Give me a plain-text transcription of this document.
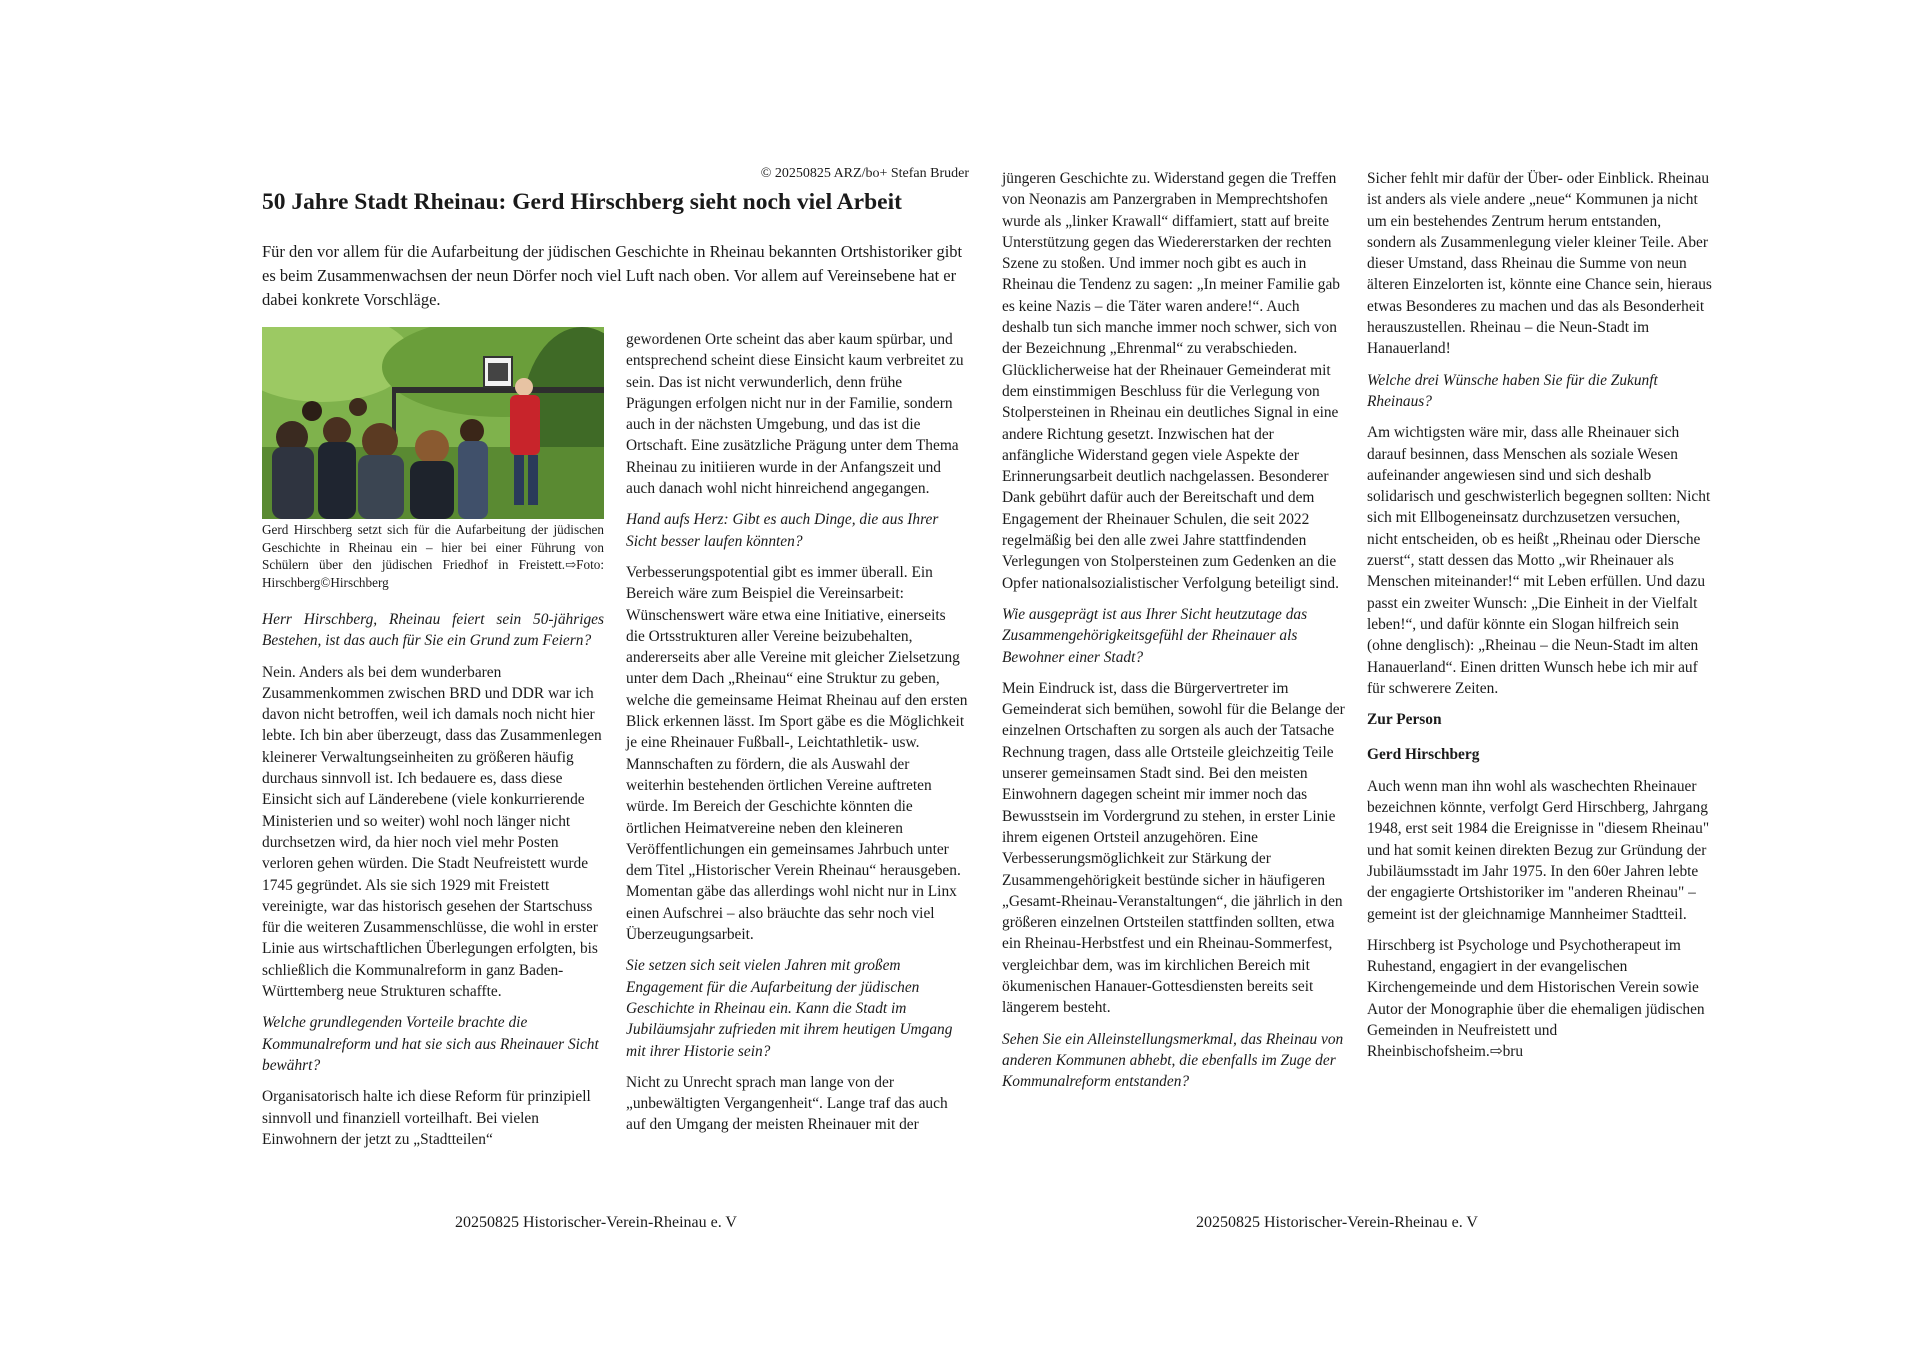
© 20250825 ARZ/bo+ Stefan Bruder
50 Jahre Stadt Rheinau: Gerd Hirschberg sieht noch viel Arbeit

Für den vor allem für die Aufarbeitung der jüdischen Geschichte in Rheinau bekannten Ortshistoriker gibt es beim Zusammenwachsen der neun Dörfer noch viel Luft nach oben. Vor allem auf Vereinsebene hat er dabei konkrete Vorschläge.

Gerd Hirschberg setzt sich für die Aufarbeitung der jüdischen Geschichte in Rheinau ein – hier bei einer Führung von Schülern über den jüdischen Friedhof in Freistett.⇨Foto: Hirschberg©Hirschberg

Herr Hirschberg, Rheinau feiert sein 50-jähriges Bestehen, ist das auch für Sie ein Grund zum Feiern?

Nein. Anders als bei dem wunderbaren Zusammenkommen zwischen BRD und DDR war ich davon nicht betroffen, weil ich damals noch nicht hier lebte. Ich bin aber überzeugt, dass das Zusammenlegen kleinerer Verwaltungseinheiten zu größeren häufig durchaus sinnvoll ist. Ich bedauere es, dass diese Einsicht sich auf Länderebene (viele konkurrierende Ministerien und so weiter) wohl noch länger nicht durchsetzen wird, da hier noch viel mehr Posten verloren gehen würden. Die Stadt Neufreistett wurde 1745 gegründet. Als sie sich 1929 mit Freistett vereinigte, war das historisch gesehen der Startschuss für die weiteren Zusammenschlüsse, die wohl in erster Linie aus wirtschaftlichen Überlegungen erfolgten, bis schließlich die Kommunalreform in ganz Baden-Württemberg neue Strukturen schaffte.

Welche grundlegenden Vorteile brachte die Kommunalreform und hat sie sich aus Rheinauer Sicht bewährt?

Organisatorisch halte ich diese Reform für prinzipiell sinnvoll und finanziell vorteilhaft. Bei vielen Einwohnern der jetzt zu „Stadtteilen“

gewordenen Orte scheint das aber kaum spürbar, und entsprechend scheint diese Einsicht kaum verbreitet zu sein. Das ist nicht verwunderlich, denn frühe Prägungen erfolgen nicht nur in der Familie, sondern auch in der nächsten Umgebung, und das ist die Ortschaft. Eine zusätzliche Prägung unter dem Thema Rheinau zu initiieren wurde in der Anfangszeit und auch danach wohl nicht hinreichend angegangen.

Hand aufs Herz: Gibt es auch Dinge, die aus Ihrer Sicht besser laufen könnten?

Verbesserungspotential gibt es immer überall. Ein Bereich wäre zum Beispiel die Vereinsarbeit: Wünschenswert wäre etwa eine Initiative, einerseits die Ortsstrukturen aller Vereine beizubehalten, andererseits aber alle Vereine mit gleicher Zielsetzung unter dem Dach „Rheinau“ eine Struktur zu geben, welche die gemeinsame Heimat Rheinau auf den ersten Blick erkennen lässt. Im Sport gäbe es die Möglichkeit je eine Rheinauer Fußball-, Leichtathletik- usw. Mannschaften zu fördern, die als Auswahl der weiterhin bestehenden örtlichen Vereine auftreten würde. Im Bereich der Geschichte könnten die örtlichen Heimatvereine neben den kleineren Veröffentlichungen ein gemeinsames Jahrbuch unter dem Titel „Historischer Verein Rheinau“ herausgeben. Momentan gäbe das allerdings wohl nicht nur in Linx einen Aufschrei – also bräuchte das sehr noch viel Überzeugungsarbeit.

Sie setzen sich seit vielen Jahren mit großem Engagement für die Aufarbeitung der jüdischen Geschichte in Rheinau ein. Kann die Stadt im Jubiläumsjahr zufrieden mit ihrem heutigen Umgang mit ihrer Historie sein?

Nicht zu Unrecht sprach man lange von der „unbewältigten Vergangenheit“. Lange traf das auch auf den Umgang der meisten Rheinauer mit der

20250825 Historischer-Verein-Rheinau e. V

jüngeren Geschichte zu. Widerstand gegen die Treffen von Neonazis am Panzergraben in Memprechtshofen wurde als „linker Krawall“ diffamiert, statt auf breite Unterstützung gegen das Wiedererstarken der rechten Szene zu stoßen. Und immer noch gibt es auch in Rheinau die Tendenz zu sagen: „In meiner Familie gab es keine Nazis – die Täter waren andere!“. Auch deshalb tun sich manche immer noch schwer, sich von der Bezeichnung „Ehrenmal“ zu verabschieden. Glücklicherweise hat der Rheinauer Gemeinderat mit dem einstimmigen Beschluss für die Verlegung von Stolpersteinen in Rheinau ein deutliches Signal in eine andere Richtung gesetzt. Inzwischen hat der anfängliche Widerstand gegen viele Aspekte der Erinnerungsarbeit deutlich nachgelassen. Besonderer Dank gebührt dafür auch der Bereitschaft und dem Engagement der Rheinauer Schulen, die seit 2022 regelmäßig bei den alle zwei Jahre stattfindenden Verlegungen von Stolpersteinen zum Gedenken an die Opfer nationalsozialistischer Verfolgung beteiligt sind.

Wie ausgeprägt ist aus Ihrer Sicht heutzutage das Zusammengehörigkeitsgefühl der Rheinauer als Bewohner einer Stadt?

Mein Eindruck ist, dass die Bürgervertreter im Gemeinderat sich bemühen, sowohl für die Belange der einzelnen Ortschaften zu sorgen als auch der Tatsache Rechnung tragen, dass alle Ortsteile gleichzeitig Teile unserer gemeinsamen Stadt sind. Bei den meisten Einwohnern dagegen scheint mir immer noch das Bewusstsein im Vordergrund zu stehen, in erster Linie ihrem eigenen Ortsteil anzugehören. Eine Verbesserungsmöglichkeit zur Stärkung der Zusammengehörigkeit bestünde sicher in häufigeren „Gesamt-Rheinau-Veranstaltungen“, die jährlich in den größeren einzelnen Ortsteilen stattfinden sollten, etwa ein Rheinau-Herbstfest und ein Rheinau-Sommerfest, vergleichbar dem, was im kirchlichen Bereich mit ökumenischen Hanauer-Gottesdiensten bereits seit längerem besteht.

Sehen Sie ein Alleinstellungsmerkmal, das Rheinau von anderen Kommunen abhebt, die ebenfalls im Zuge der Kommunalreform entstanden?

Sicher fehlt mir dafür der Über- oder Einblick. Rheinau ist anders als viele andere „neue“ Kommunen ja nicht um ein bestehendes Zentrum herum entstanden, sondern als Zusammenlegung vieler kleiner Teile. Aber dieser Umstand, dass Rheinau die Summe von neun älteren Einzelorten ist, könnte eine Chance sein, hieraus etwas Besonderes zu machen und das als Besonderheit herauszustellen. Rheinau – die Neun-Stadt im Hanauerland!

Welche drei Wünsche haben Sie für die Zukunft Rheinaus?

Am wichtigsten wäre mir, dass alle Rheinauer sich darauf besinnen, dass Menschen als soziale Wesen aufeinander angewiesen sind und sich deshalb solidarisch und geschwisterlich begegnen sollten: Nicht sich mit Ellbogeneinsatz durchzusetzen versuchen, nicht entscheiden, ob es heißt „Rheinau oder Diersche zuerst“, statt dessen das Motto „wir Rheinauer als Menschen miteinander!“ mit Leben erfüllen. Und dazu passt ein zweiter Wunsch: „Die Einheit in der Vielfalt leben!“, und dafür könnte ein Slogan hilfreich sein (ohne denglisch): „Rheinau – die Neun-Stadt im alten Hanauerland“. Einen dritten Wunsch hebe ich mir auf für schwerere Zeiten.

Zur Person

Gerd Hirschberg

Auch wenn man ihn wohl als waschechten Rheinauer bezeichnen könnte, verfolgt Gerd Hirschberg, Jahrgang 1948, erst seit 1984 die Ereignisse in "diesem Rheinau" und hat somit keinen direkten Bezug zur Gründung der Jubiläumsstadt im Jahr 1975. In den 60er Jahren lebte der engagierte Ortshistoriker im "anderen Rheinau" – gemeint ist der gleichnamige Mannheimer Stadtteil.

Hirschberg ist Psychologe und Psychotherapeut im Ruhestand, engagiert in der evangelischen Kirchengemeinde und dem Historischen Verein sowie Autor der Monographie über die ehemaligen jüdischen Gemeinden in Neufreistett und Rheinbischofsheim.⇨bru

20250825 Historischer-Verein-Rheinau e. V
